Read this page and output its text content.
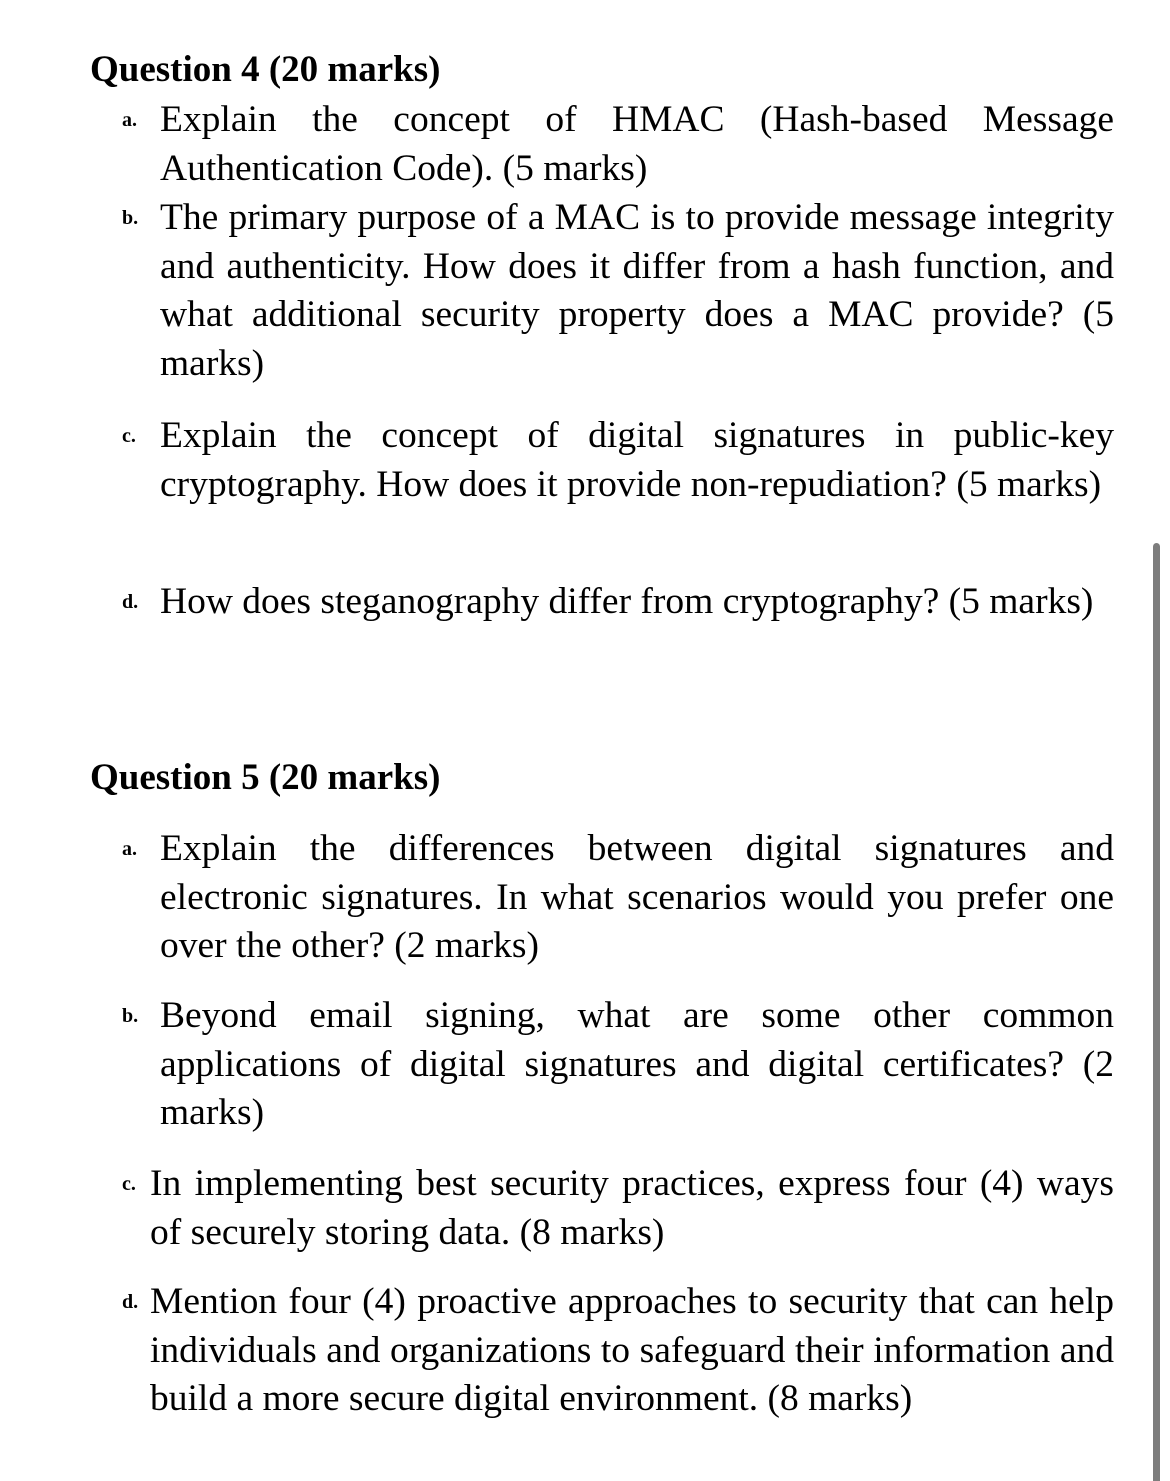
Question 4 (20 marks)
a. Explain the concept of HMAC (Hash-based Message Authentication Code). (5 marks)
b. The primary purpose of a MAC is to provide message integrity and authenticity. How does it differ from a hash function, and what additional security property does a MAC provide? (5 marks)
c. Explain the concept of digital signatures in public-key cryptography. How does it provide non-repudiation? (5 marks)
d. How does steganography differ from cryptography? (5 marks)
Question 5 (20 marks)
a. Explain the differences between digital signatures and electronic signatures. In what scenarios would you prefer one over the other? (2 marks)
b. Beyond email signing, what are some other common applications of digital signatures and digital certificates? (2 marks)
c. In implementing best security practices, express four (4) ways of securely storing data. (8 marks)
d. Mention four (4) proactive approaches to security that can help individuals and organizations to safeguard their information and build a more secure digital environment. (8 marks)
